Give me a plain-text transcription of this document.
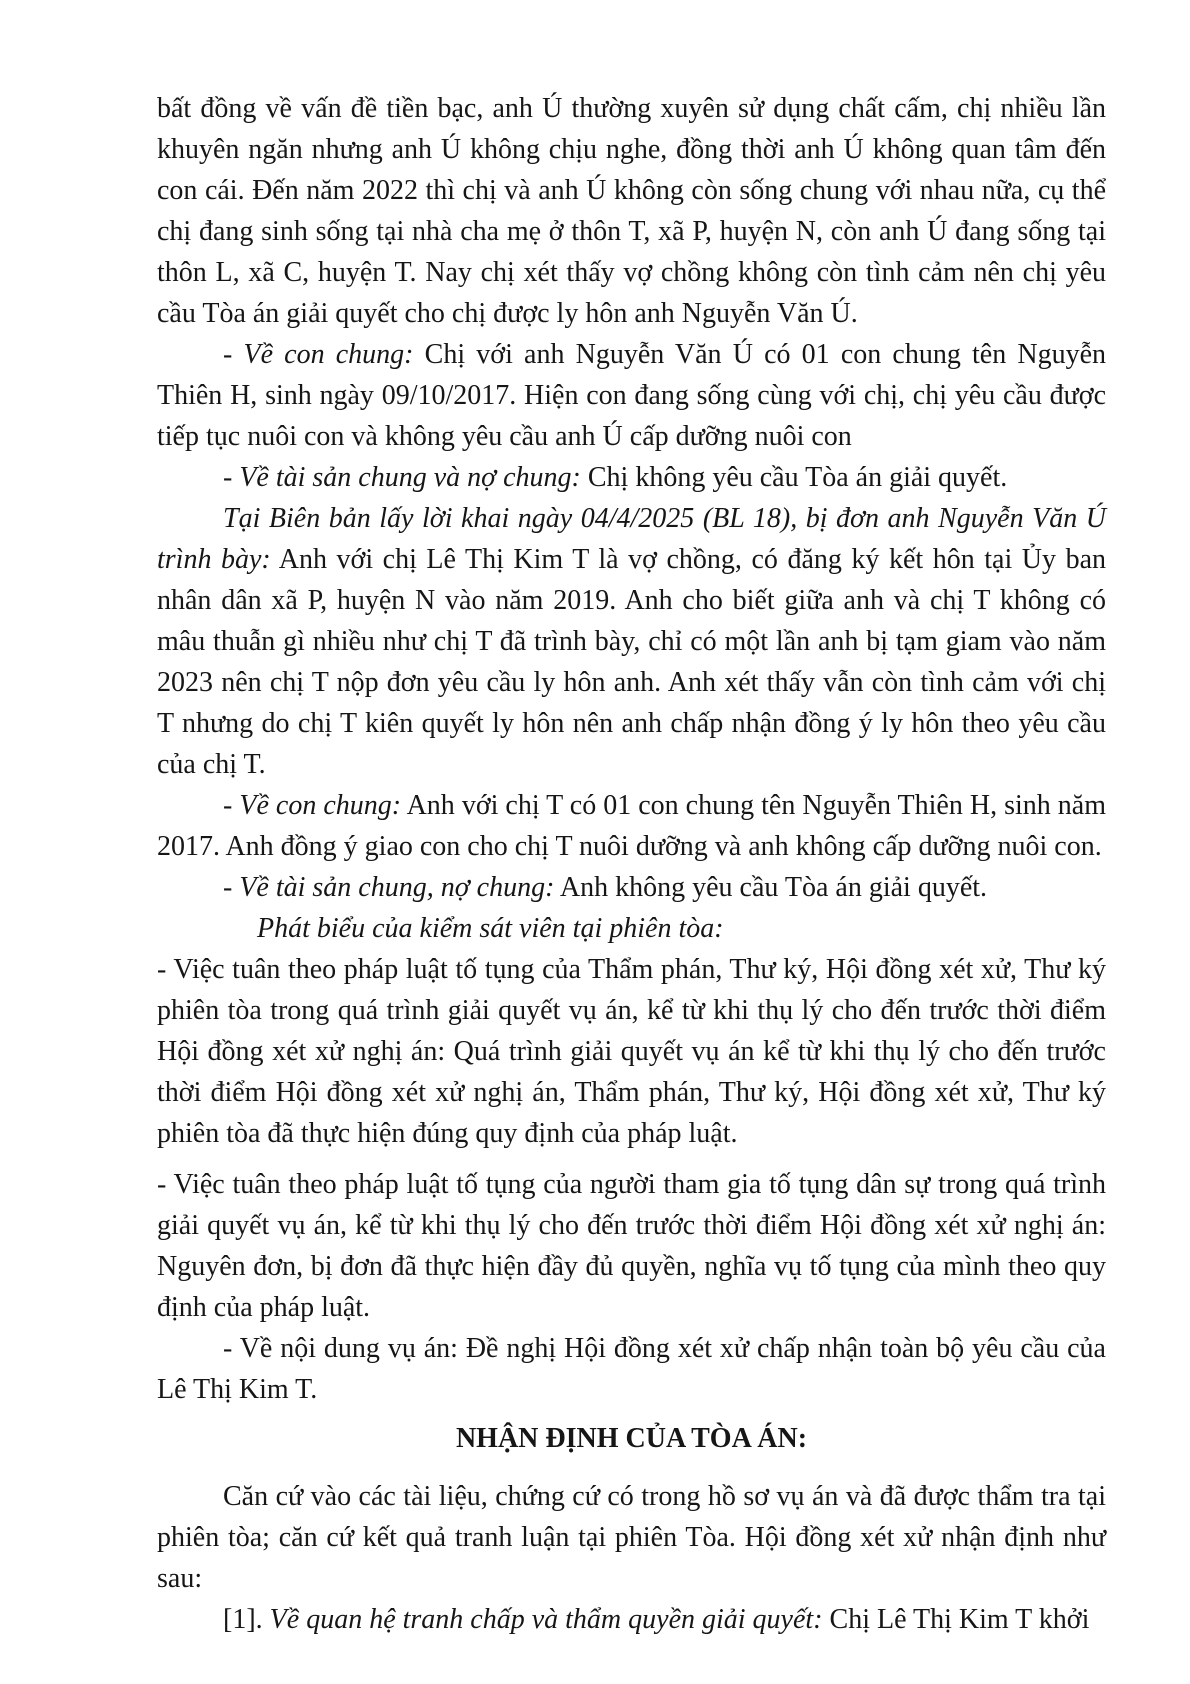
bất đồng về vấn đề tiền bạc, anh Ú thường xuyên sử dụng chất cấm, chị nhiều lần khuyên ngăn nhưng anh Ú không chịu nghe, đồng thời anh Ú không quan tâm đến con cái. Đến năm 2022 thì chị và anh Ú không còn sống chung với nhau nữa, cụ thể chị đang sinh sống tại nhà cha mẹ ở thôn T, xã P, huyện N, còn anh Ú đang sống tại thôn L, xã C, huyện T. Nay chị xét thấy vợ chồng không còn tình cảm nên chị yêu cầu Tòa án giải quyết cho chị được ly hôn anh Nguyễn Văn Ú.

- Về con chung: Chị với anh Nguyễn Văn Ú có 01 con chung tên Nguyễn Thiên H, sinh ngày 09/10/2017. Hiện con đang sống cùng với chị, chị yêu cầu được tiếp tục nuôi con và không yêu cầu anh Ú cấp dưỡng nuôi con

- Về tài sản chung và nợ chung: Chị không yêu cầu Tòa án giải quyết.

Tại Biên bản lấy lời khai ngày 04/4/2025 (BL 18), bị đơn anh Nguyễn Văn Ú trình bày: Anh với chị Lê Thị Kim T là vợ chồng, có đăng ký kết hôn tại Ủy ban nhân dân xã P, huyện N vào năm 2019. Anh cho biết giữa anh và chị T không có mâu thuẫn gì nhiều như chị T đã trình bày, chỉ có một lần anh bị tạm giam vào năm 2023 nên chị T nộp đơn yêu cầu ly hôn anh. Anh xét thấy vẫn còn tình cảm với chị T nhưng do chị T kiên quyết ly hôn nên anh chấp nhận đồng ý ly hôn theo yêu cầu của chị T.

- Về con chung: Anh với chị T có 01 con chung tên Nguyễn Thiên H, sinh năm 2017. Anh đồng ý giao con cho chị T nuôi dưỡng và anh không cấp dưỡng nuôi con.

- Về tài sản chung, nợ chung: Anh không yêu cầu Tòa án giải quyết.

Phát biểu của kiểm sát viên tại phiên tòa:

- Việc tuân theo pháp luật tố tụng của Thẩm phán, Thư ký, Hội đồng xét xử, Thư ký phiên tòa trong quá trình giải quyết vụ án, kể từ khi thụ lý cho đến trước thời điểm Hội đồng xét xử nghị án: Quá trình giải quyết vụ án kể từ khi thụ lý cho đến trước thời điểm Hội đồng xét xử nghị án, Thẩm phán, Thư ký, Hội đồng xét xử, Thư ký phiên tòa đã thực hiện đúng quy định của pháp luật.

- Việc tuân theo pháp luật tố tụng của người tham gia tố tụng dân sự trong quá trình giải quyết vụ án, kể từ khi thụ lý cho đến trước thời điểm Hội đồng xét xử nghị án: Nguyên đơn, bị đơn đã thực hiện đầy đủ quyền, nghĩa vụ tố tụng của mình theo quy định của pháp luật.

- Về nội dung vụ án: Đề nghị Hội đồng xét xử chấp nhận toàn bộ yêu cầu của Lê Thị Kim T.

NHẬN ĐỊNH CỦA TÒA ÁN:

Căn cứ vào các tài liệu, chứng cứ có trong hồ sơ vụ án và đã được thẩm tra tại phiên tòa; căn cứ kết quả tranh luận tại phiên Tòa. Hội đồng xét xử nhận định như sau:

[1]. Về quan hệ tranh chấp và thẩm quyền giải quyết: Chị Lê Thị Kim T khởi
